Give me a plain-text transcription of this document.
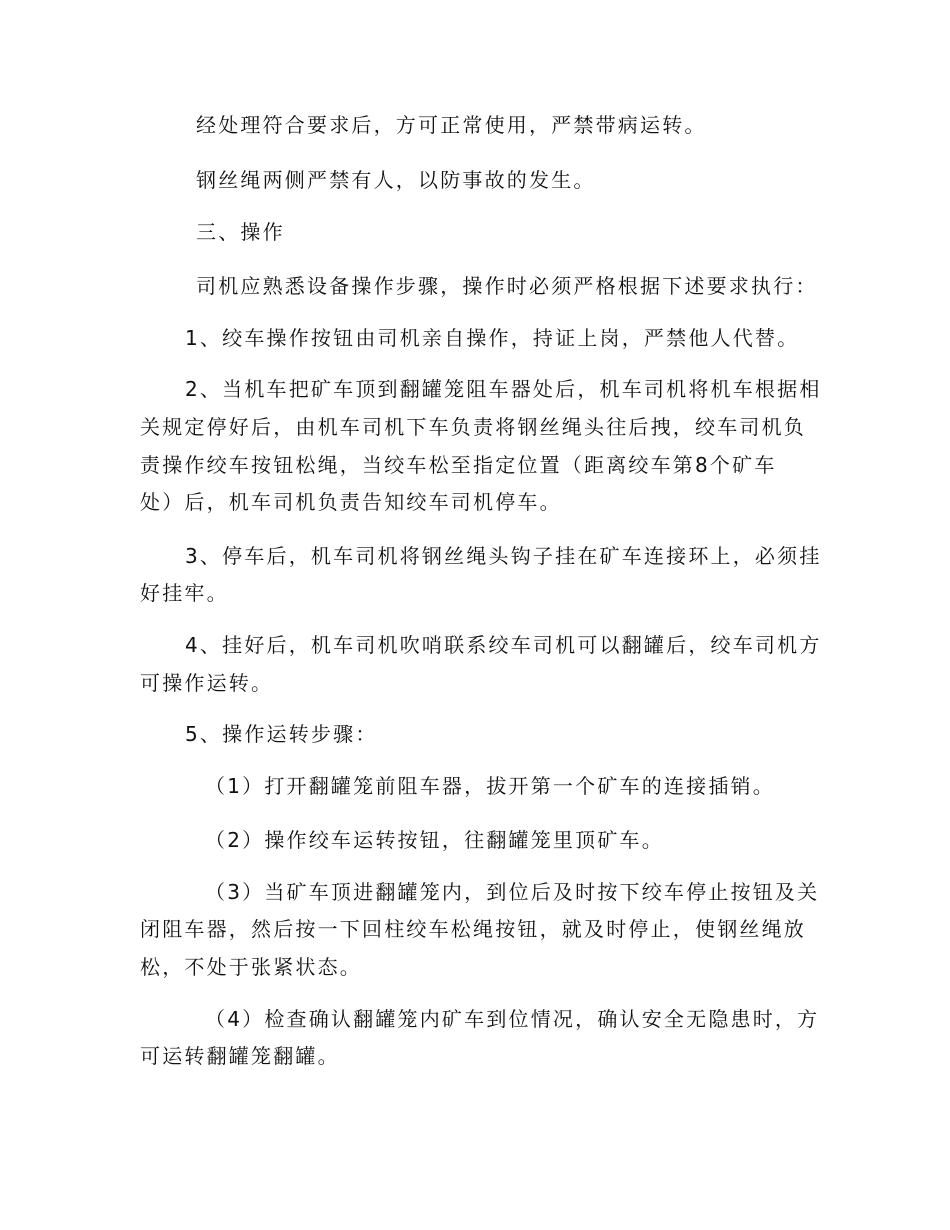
经处理符合要求后，方可正常使用，严禁带病运转。
钢丝绳两侧严禁有人，以防事故的发生。
三、操作
司机应熟悉设备操作步骤，操作时必须严格根据下述要求执行：
1、绞车操作按钮由司机亲自操作，持证上岗，严禁他人代替。
2、当机车把矿车顶到翻罐笼阻车器处后，机车司机将机车根据相
关规定停好后，由机车司机下车负责将钢丝绳头往后拽，绞车司机负
责操作绞车按钮松绳，当绞车松至指定位置（距离绞车第8个矿车
处）后，机车司机负责告知绞车司机停车。
3、停车后，机车司机将钢丝绳头钩子挂在矿车连接环上，必须挂
好挂牢。
4、挂好后，机车司机吹哨联系绞车司机可以翻罐后，绞车司机方
可操作运转。
5、操作运转步骤：
（1）打开翻罐笼前阻车器，拔开第一个矿车的连接插销。
（2）操作绞车运转按钮，往翻罐笼里顶矿车。
（3）当矿车顶进翻罐笼内，到位后及时按下绞车停止按钮及关
闭阻车器，然后按一下回柱绞车松绳按钮，就及时停止，使钢丝绳放
松，不处于张紧状态。
（4）检查确认翻罐笼内矿车到位情况，确认安全无隐患时，方
可运转翻罐笼翻罐。
